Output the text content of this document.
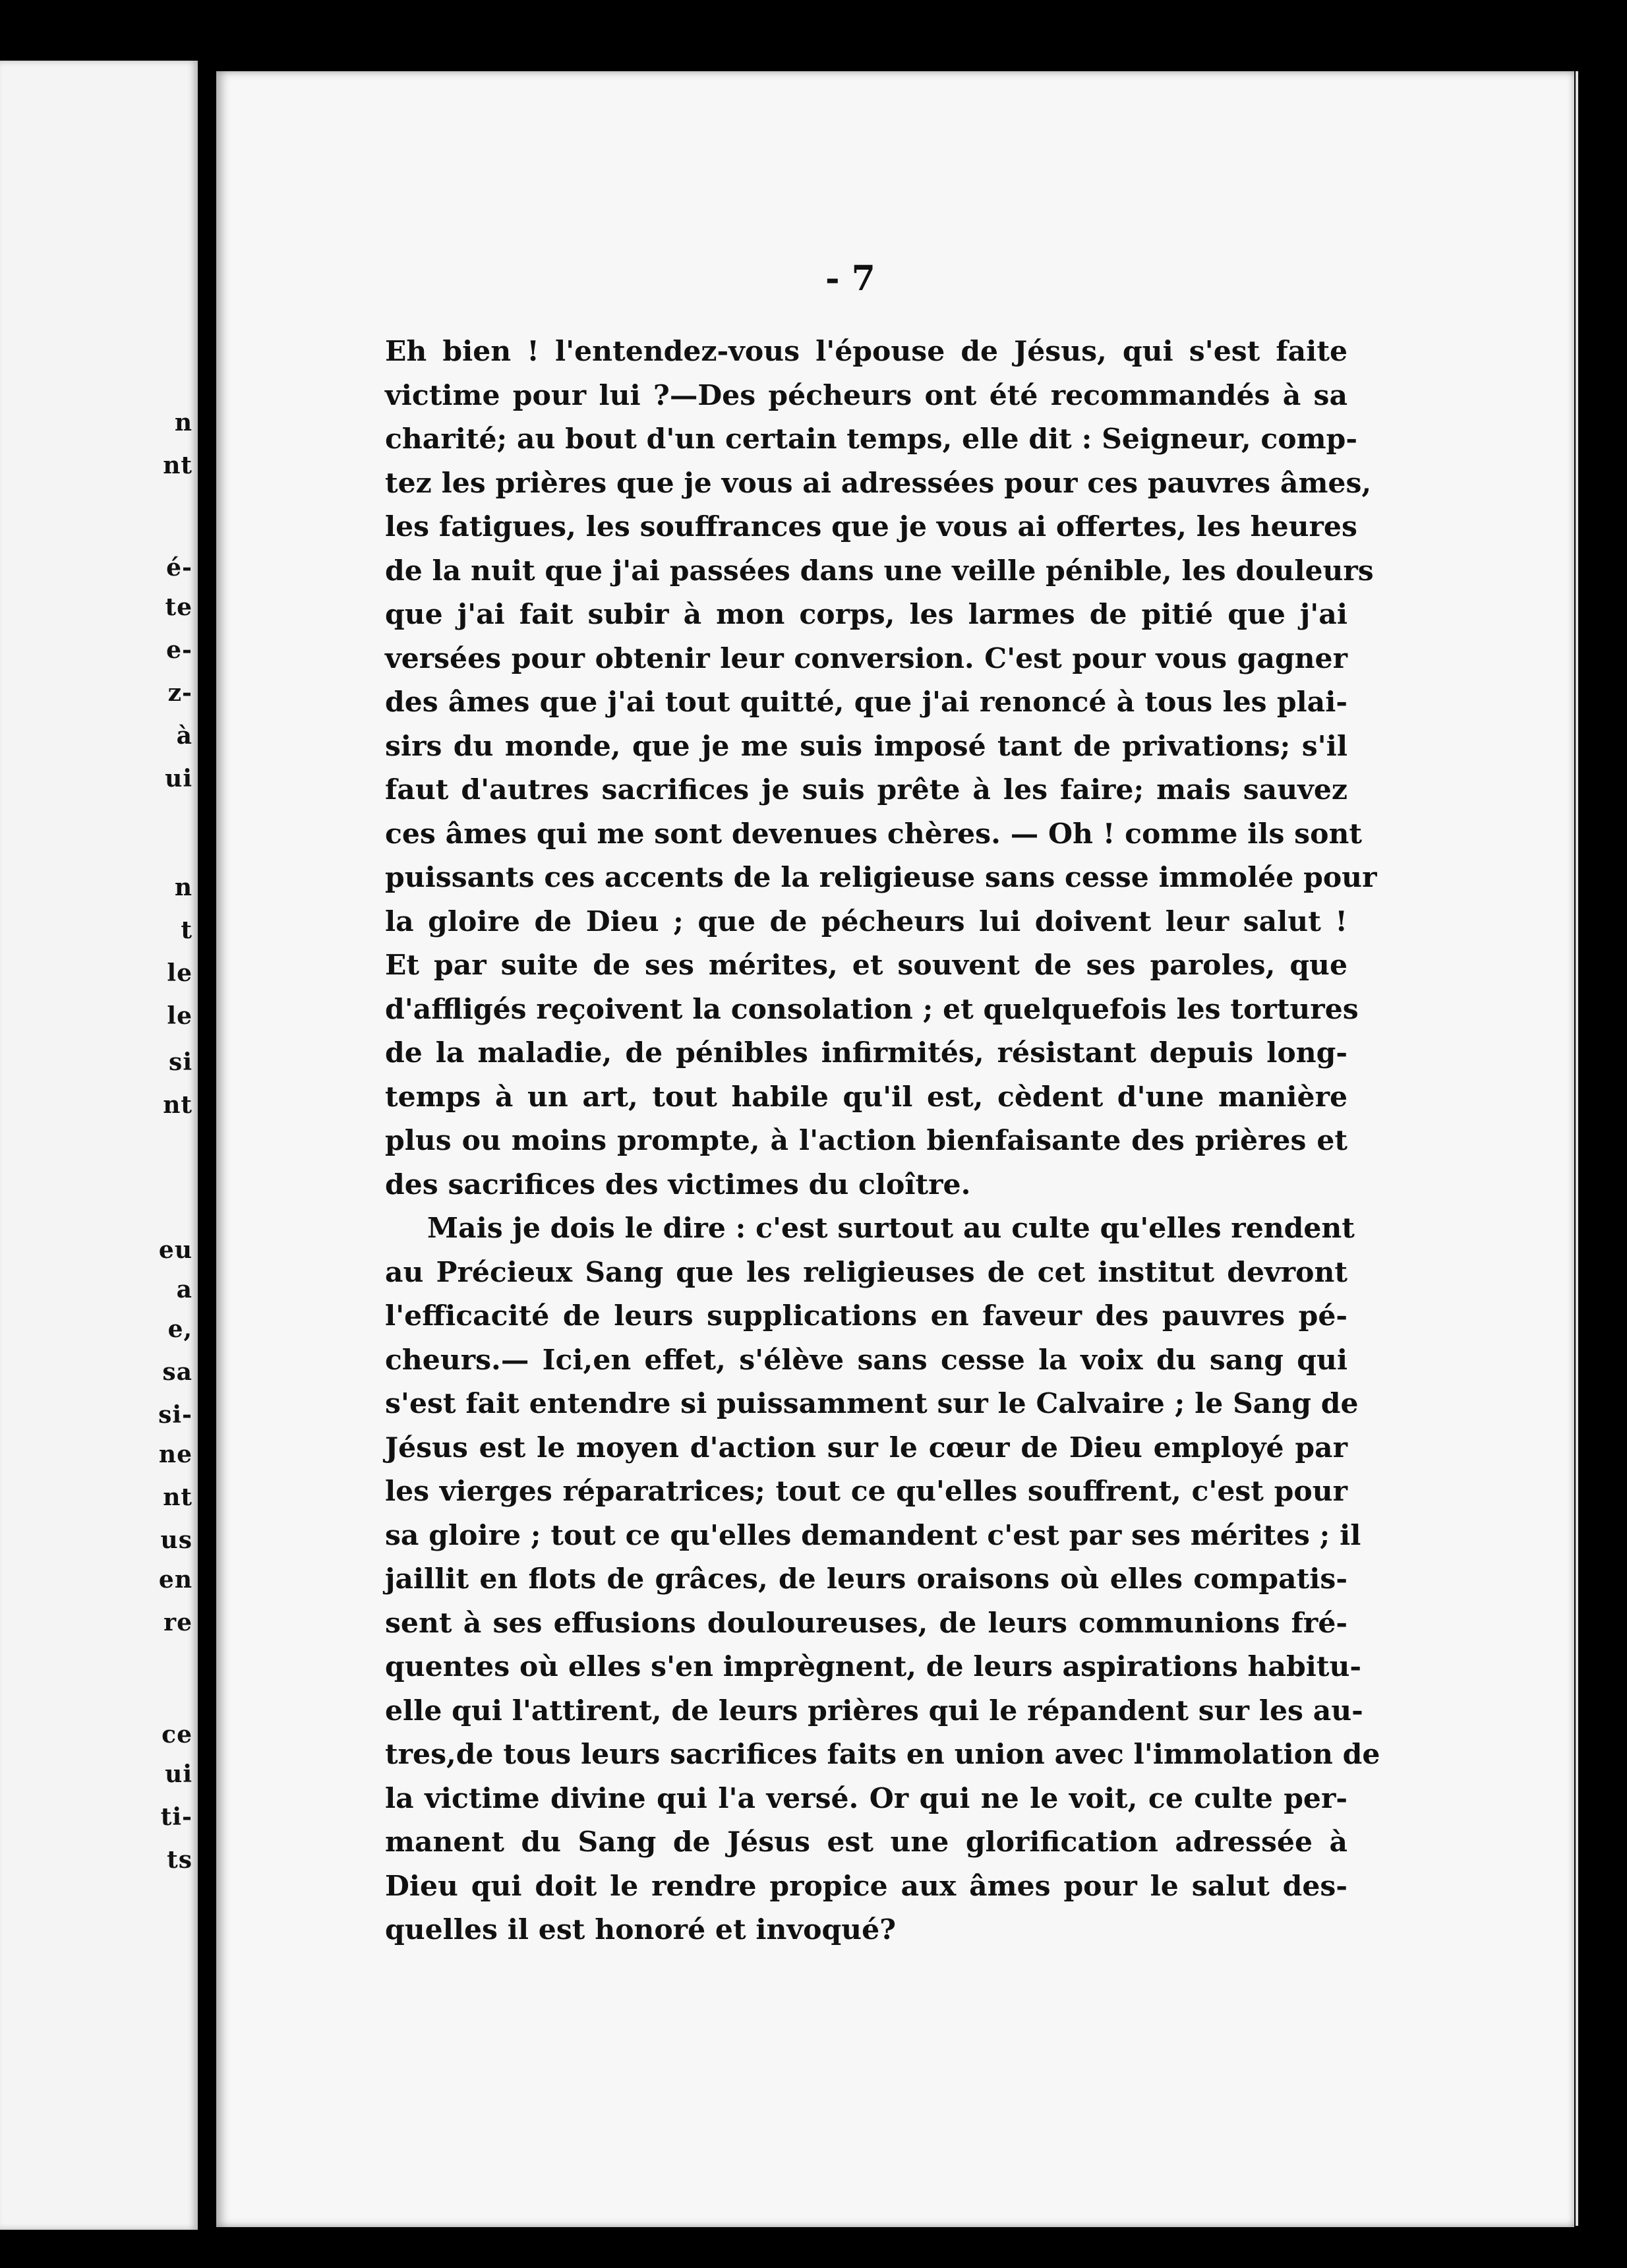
n
nt
é-
te
e-
z-
à
ui
n
t
le
le
si
nt
eu
a
e,
sa
si-
ne
nt
us
en
re
ce
ui
ti-
ts
- 7
Eh bien ! l'entendez-vous l'épouse de Jésus, qui s'est faite
victime pour lui ?—Des pécheurs ont été recommandés à sa
charité; au bout d'un certain temps, elle dit : Seigneur, comp-
tez les prières que je vous ai adressées pour ces pauvres âmes,
les fatigues, les souffrances que je vous ai offertes, les heures
de la nuit que j'ai passées dans une veille pénible, les douleurs
que j'ai fait subir à mon corps, les larmes de pitié que j'ai
versées pour obtenir leur conversion. C'est pour vous gagner
des âmes que j'ai tout quitté, que j'ai renoncé à tous les plai-
sirs du monde, que je me suis imposé tant de privations; s'il
faut d'autres sacrifices je suis prête à les faire; mais sauvez
ces âmes qui me sont devenues chères. — Oh ! comme ils sont
puissants ces accents de la religieuse sans cesse immolée pour
la gloire de Dieu ; que de pécheurs lui doivent leur salut !
Et par suite de ses mérites, et souvent de ses paroles, que
d'affligés reçoivent la consolation ; et quelquefois les tortures
de la maladie, de pénibles infirmités, résistant depuis long-
temps à un art, tout habile qu'il est, cèdent d'une manière
plus ou moins prompte, à l'action bienfaisante des prières et
des sacrifices des victimes du cloître.
Mais je dois le dire : c'est surtout au culte qu'elles rendent
au Précieux Sang que les religieuses de cet institut devront
l'efficacité de leurs supplications en faveur des pauvres pé-
cheurs.— Ici,en effet, s'élève sans cesse la voix du sang qui
s'est fait entendre si puissamment sur le Calvaire ; le Sang de
Jésus est le moyen d'action sur le cœur de Dieu employé par
les vierges réparatrices; tout ce qu'elles souffrent, c'est pour
sa gloire ; tout ce qu'elles demandent c'est par ses mérites ; il
jaillit en flots de grâces, de leurs oraisons où elles compatis-
sent à ses effusions douloureuses, de leurs communions fré-
quentes où elles s'en imprègnent, de leurs aspirations habitu-
elle qui l'attirent, de leurs prières qui le répandent sur les au-
tres,de tous leurs sacrifices faits en union avec l'immolation de
la victime divine qui l'a versé. Or qui ne le voit, ce culte per-
manent du Sang de Jésus est une glorification adressée à
Dieu qui doit le rendre propice aux âmes pour le salut des-
quelles il est honoré et invoqué?
